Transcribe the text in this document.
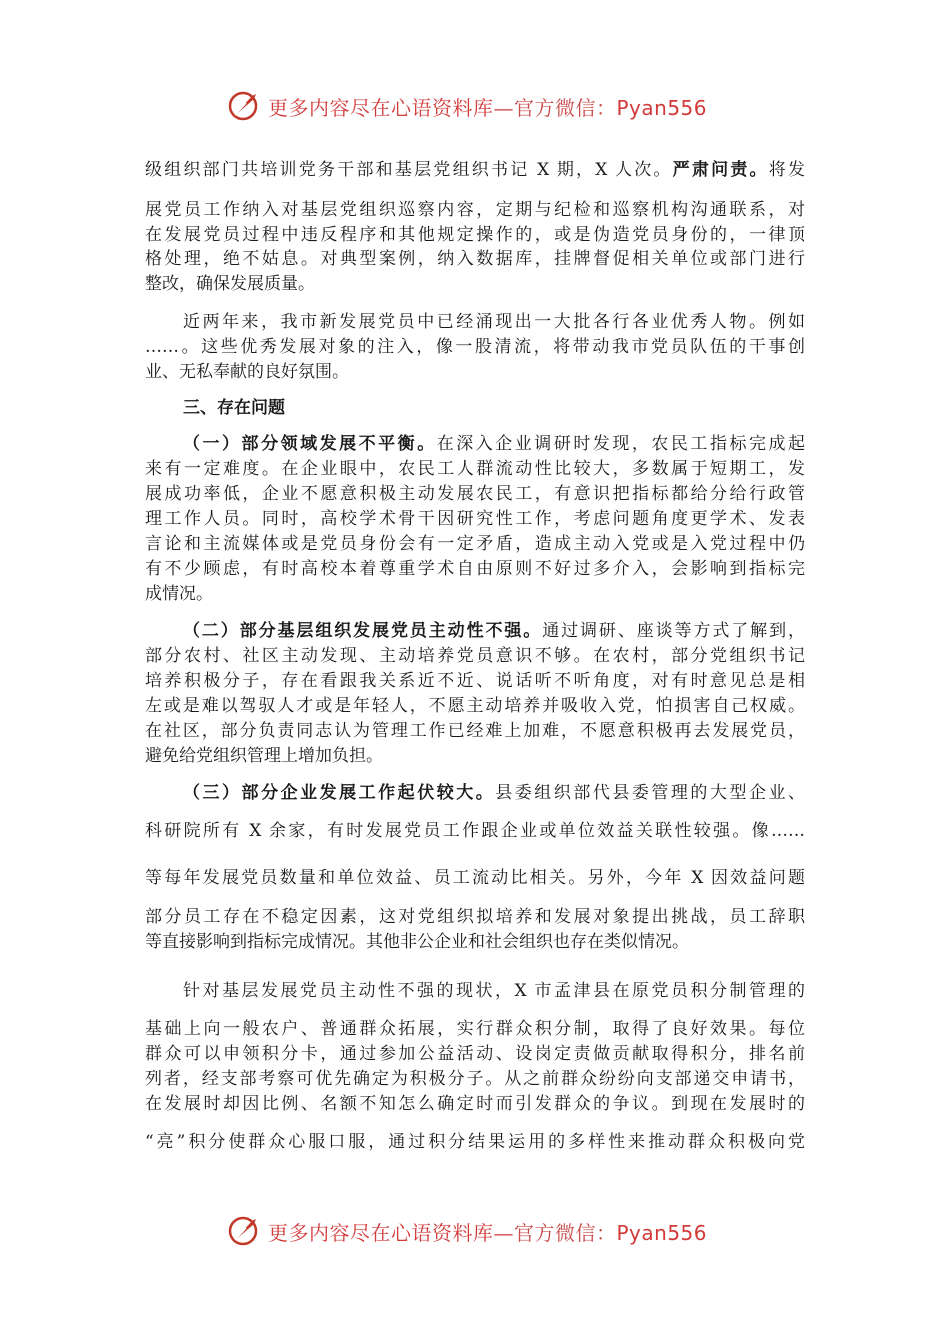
更多内容尽在心语资料库—官方微信：Pyan556
级组织部门共培训党务干部和基层党组织书记 X 期，X 人次。严肃问责。将发
展党员工作纳入对基层党组织巡察内容，定期与纪检和巡察机构沟通联系，对
在发展党员过程中违反程序和其他规定操作的，或是伪造党员身份的，一律顶
格处理，绝不姑息。对典型案例，纳入数据库，挂牌督促相关单位或部门进行
整改，确保发展质量。
近两年来，我市新发展党员中已经涌现出一大批各行各业优秀人物。例如
……。这些优秀发展对象的注入，像一股清流，将带动我市党员队伍的干事创
业、无私奉献的良好氛围。
三、存在问题
（一）部分领域发展不平衡。在深入企业调研时发现，农民工指标完成起
来有一定难度。在企业眼中，农民工人群流动性比较大，多数属于短期工，发
展成功率低，企业不愿意积极主动发展农民工，有意识把指标都给分给行政管
理工作人员。同时，高校学术骨干因研究性工作，考虑问题角度更学术、发表
言论和主流媒体或是党员身份会有一定矛盾，造成主动入党或是入党过程中仍
有不少顾虑，有时高校本着尊重学术自由原则不好过多介入，会影响到指标完
成情况。
（二）部分基层组织发展党员主动性不强。通过调研、座谈等方式了解到，
部分农村、社区主动发现、主动培养党员意识不够。在农村，部分党组织书记
培养积极分子，存在看跟我关系近不近、说话听不听角度，对有时意见总是相
左或是难以驾驭人才或是年轻人，不愿主动培养并吸收入党，怕损害自己权威。
在社区，部分负责同志认为管理工作已经难上加难，不愿意积极再去发展党员，
避免给党组织管理上增加负担。
（三）部分企业发展工作起伏较大。县委组织部代县委管理的大型企业、
科研院所有 X 余家，有时发展党员工作跟企业或单位效益关联性较强。像……
等每年发展党员数量和单位效益、员工流动比相关。另外，今年 X 因效益问题
部分员工存在不稳定因素，这对党组织拟培养和发展对象提出挑战，员工辞职
等直接影响到指标完成情况。其他非公企业和社会组织也存在类似情况。
针对基层发展党员主动性不强的现状，X 市孟津县在原党员积分制管理的
基础上向一般农户、普通群众拓展，实行群众积分制，取得了良好效果。每位
群众可以申领积分卡，通过参加公益活动、设岗定责做贡献取得积分，排名前
列者，经支部考察可优先确定为积极分子。从之前群众纷纷向支部递交申请书，
在发展时却因比例、名额不知怎么确定时而引发群众的争议。到现在发展时的
“亮”积分使群众心服口服，通过积分结果运用的多样性来推动群众积极向党
更多内容尽在心语资料库—官方微信：Pyan556
